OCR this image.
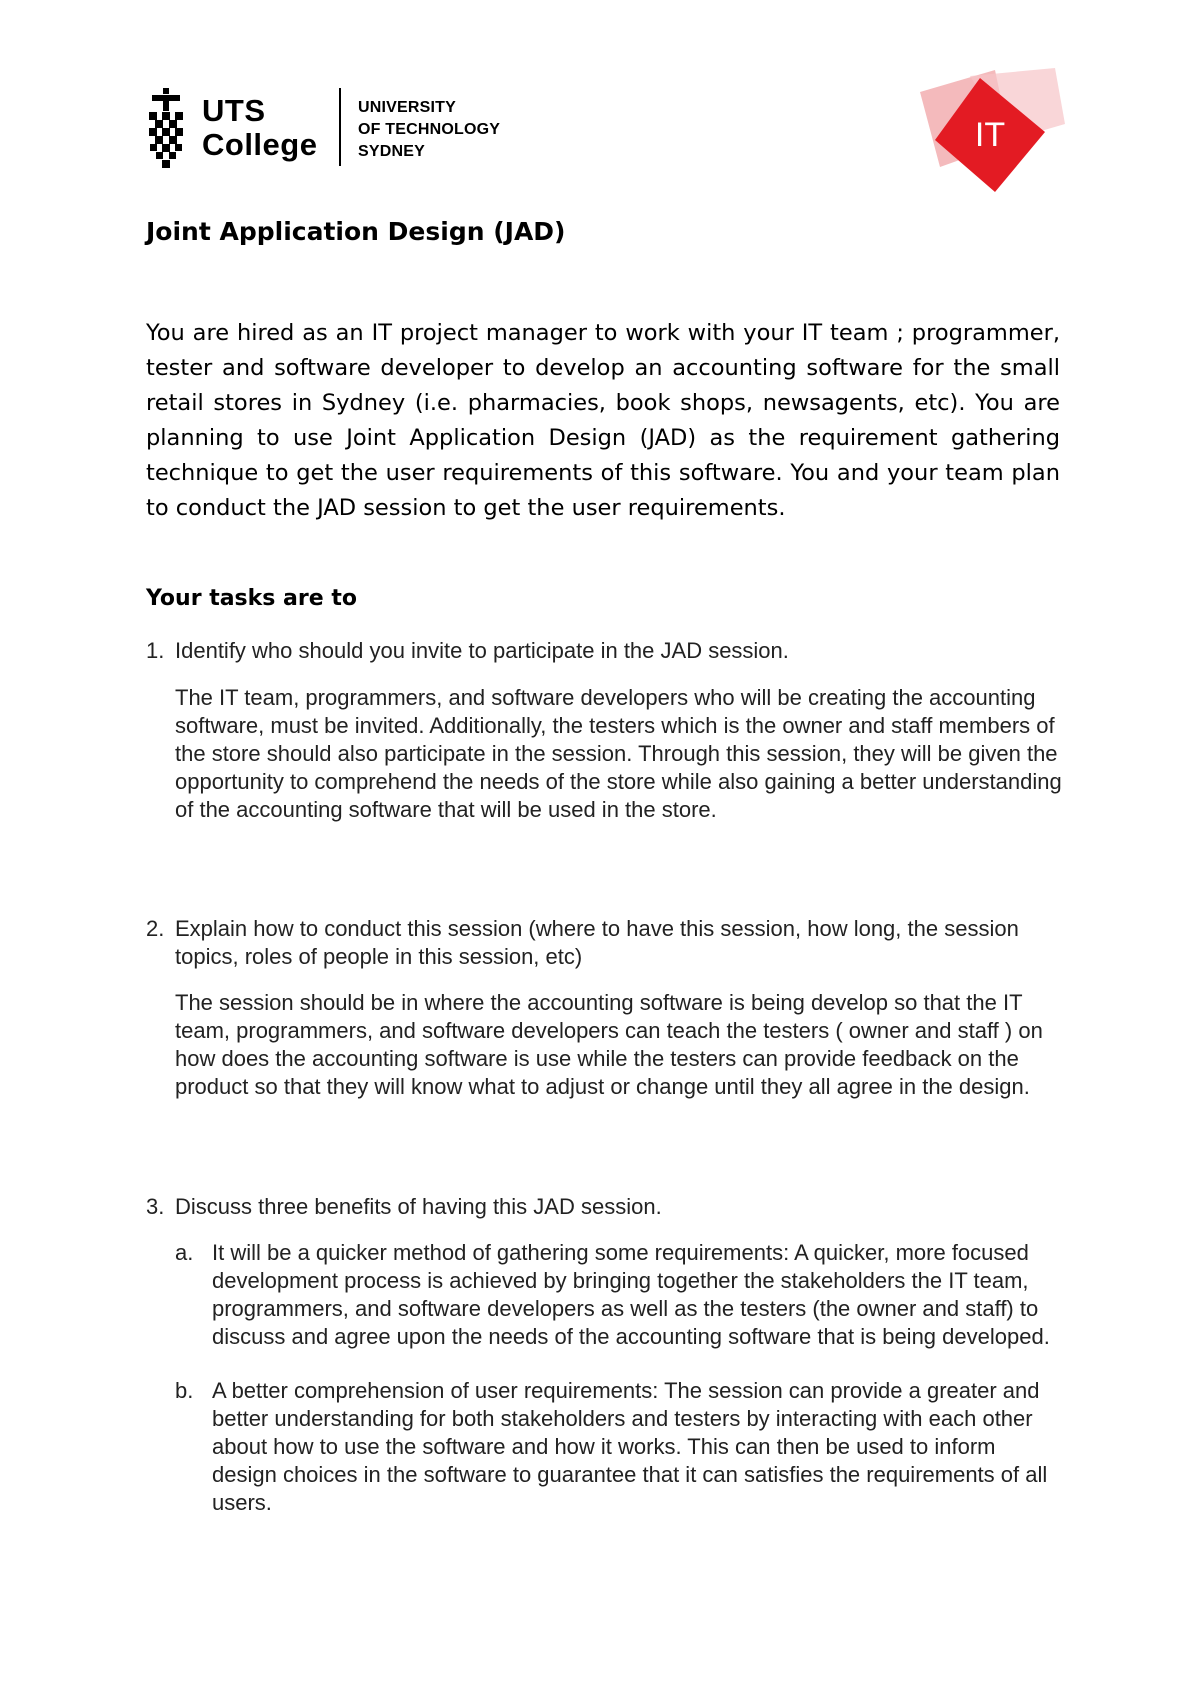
UTS
College
UNIVERSITY
OF TECHNOLOGY
SYDNEY	IT
Joint Application Design (JAD)
You are hired as an IT project manager to work with your IT team ; programmer, tester and software developer to develop an accounting software for the small retail stores in Sydney (i.e. pharmacies, book shops, newsagents, etc). You are planning to use Joint Application Design (JAD) as the requirement gathering technique to get the user requirements of this software. You and your team plan to conduct the JAD session to get the user requirements.
Your tasks are to
1. Identify who should you invite to participate in the JAD session.
The IT team, programmers, and software developers who will be creating the accounting software, must be invited. Additionally, the testers which is the owner and staff members of the store should also participate in the session. Through this session, they will be given the opportunity to comprehend the needs of the store while also gaining a better understanding of the accounting software that will be used in the store.
2. Explain how to conduct this session (where to have this session, how long, the session topics, roles of people in this session, etc)
The session should be in where the accounting software is being develop so that the IT team, programmers, and software developers can teach the testers ( owner and staff ) on how does the accounting software is use while the testers can provide feedback on the product so that they will know what to adjust or change until they all agree in the design.
3. Discuss three benefits of having this JAD session.
a. It will be a quicker method of gathering some requirements: A quicker, more focused development process is achieved by bringing together the stakeholders the IT team, programmers, and software developers as well as the testers (the owner and staff) to discuss and agree upon the needs of the accounting software that is being developed.
b. A better comprehension of user requirements: The session can provide a greater and better understanding for both stakeholders and testers by interacting with each other about how to use the software and how it works. This can then be used to inform design choices in the software to guarantee that it can satisfies the requirements of all users.
